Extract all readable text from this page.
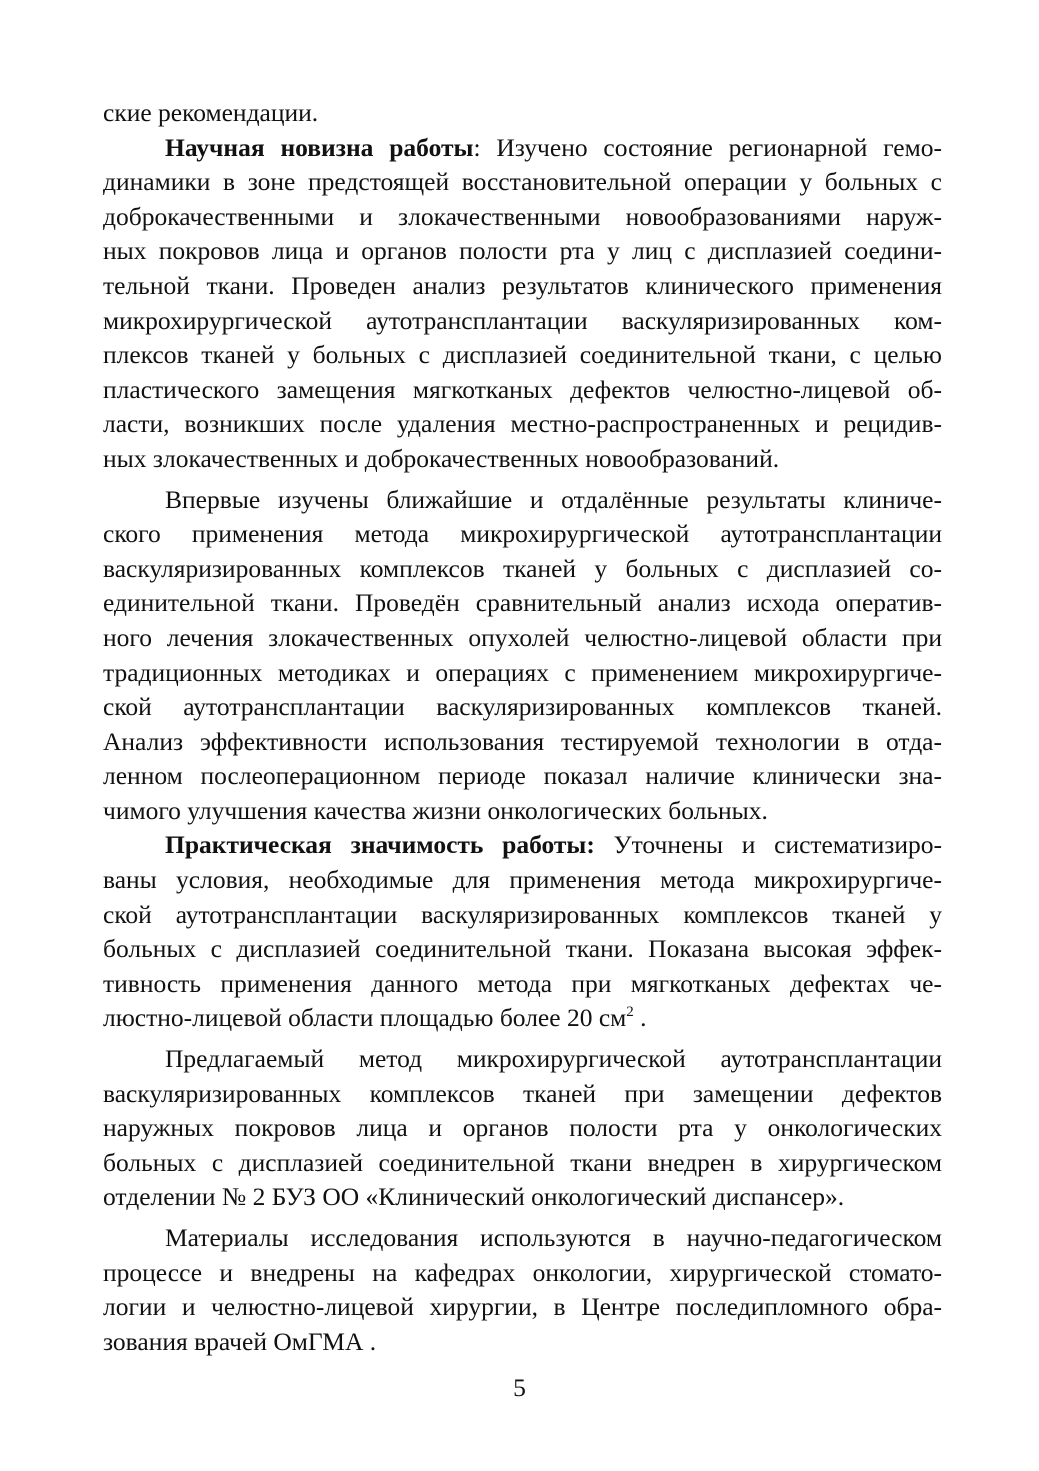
ские рекомендации.
Научная новизна работы: Изучено состояние регионарной гемо-
динамики в зоне предстоящей восстановительной операции у больных с
доброкачественными и злокачественными новообразованиями наруж-
ных покровов лица и органов полости рта у лиц с дисплазией соедини-
тельной ткани. Проведен анализ результатов клинического применения
микрохирургической аутотрансплантации васкуляризированных ком-
плексов тканей у больных с дисплазией соединительной ткани, с целью
пластического замещения мягкотканых дефектов челюстно-лицевой об-
ласти, возникших после удаления местно-распространенных и рецидив-
ных злокачественных и доброкачественных новообразований.
Впервые изучены ближайшие и отдалённые результаты клиниче-
ского применения метода микрохирургической аутотрансплантации
васкуляризированных комплексов тканей у больных с дисплазией со-
единительной ткани. Проведён сравнительный анализ исхода оператив-
ного лечения злокачественных опухолей челюстно-лицевой области при
традиционных методиках и операциях с применением микрохирургиче-
ской аутотрансплантации васкуляризированных комплексов тканей.
Анализ эффективности использования тестируемой технологии в отда-
ленном послеоперационном периоде показал наличие клинически зна-
чимого улучшения качества жизни онкологических больных.
Практическая значимость работы: Уточнены и систематизиро-
ваны условия, необходимые для применения метода микрохирургиче-
ской аутотрансплантации васкуляризированных комплексов тканей у
больных с дисплазией соединительной ткани. Показана высокая эффек-
тивность применения данного метода при мягкотканых дефектах че-
люстно-лицевой области площадью более 20 $см^2$ .
Предлагаемый метод микрохирургической аутотрансплантации
васкуляризированных комплексов тканей при замещении дефектов
наружных покровов лица и органов полости рта у онкологических
больных с дисплазией соединительной ткани внедрен в хирургическом
отделении № 2 БУЗ ОО «Клинический онкологический диспансер».
Материалы исследования используются в научно-педагогическом
процессе и внедрены на кафедрах онкологии, хирургической стомато-
логии и челюстно-лицевой хирургии, в Центре последипломного обра-
зования врачей ОмГМА .
5
